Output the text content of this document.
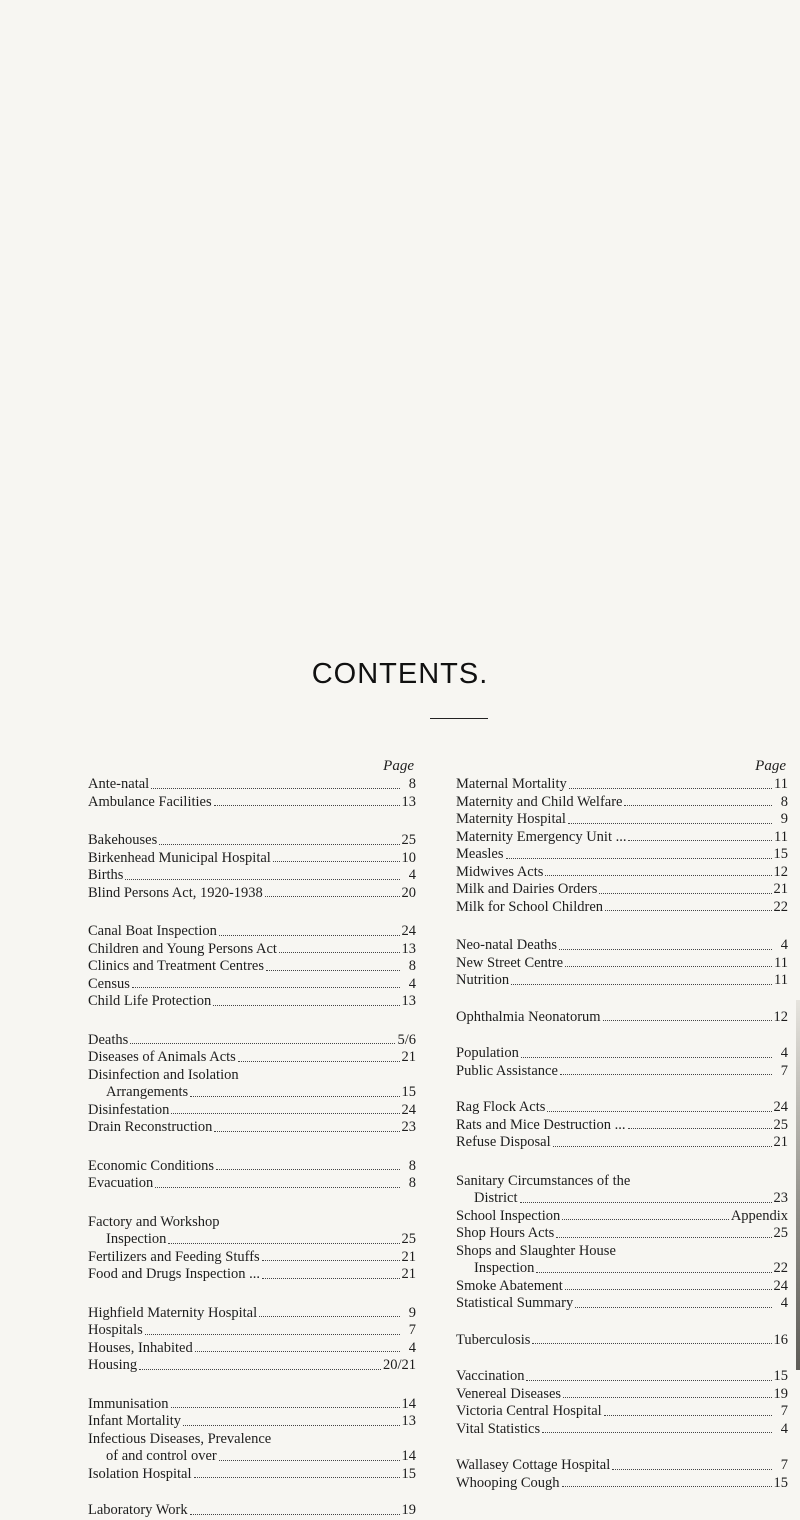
CONTENTS.
Page
Ante-natal	8
Ambulance Facilities	13
Bakehouses	25
Birkenhead Municipal Hospital	10
Births	4
Blind Persons Act, 1920-1938	20
Canal Boat Inspection	24
Children and Young Persons Act	13
Clinics and Treatment Centres	8
Census	4
Child Life Protection	13
Deaths	5/6
Diseases of Animals Acts	21
Disinfection and Isolation
Arrangements	15
Disinfestation	24
Drain Reconstruction	23
Economic Conditions	8
Evacuation	8
Factory and Workshop
Inspection	25
Fertilizers and Feeding Stuffs	21
Food and Drugs Inspection ...	21
Highfield Maternity Hospital	9
Hospitals	7
Houses, Inhabited	4
Housing	20/21
Immunisation	14
Infant Mortality	13
Infectious Diseases, Prevalence
of and control over	14
Isolation Hospital	15
Laboratory Work	19
Page
Maternal Mortality	11
Maternity and Child Welfare	8
Maternity Hospital	9
Maternity Emergency Unit ...	11
Measles	15
Midwives Acts	12
Milk and Dairies Orders	21
Milk for School Children	22
Neo-natal Deaths	4
New Street Centre	11
Nutrition	11
Ophthalmia Neonatorum	12
Population	4
Public Assistance	7
Rag Flock Acts	24
Rats and Mice Destruction ...	25
Refuse Disposal	21
Sanitary Circumstances of the
District	23
School Inspection	Appendix
Shop Hours Acts	25
Shops and Slaughter House
Inspection	22
Smoke Abatement	24
Statistical Summary	4
Tuberculosis	16
Vaccination	15
Venereal Diseases	19
Victoria Central Hospital	7
Vital Statistics	4
Wallasey Cottage Hospital	7
Whooping Cough	15
